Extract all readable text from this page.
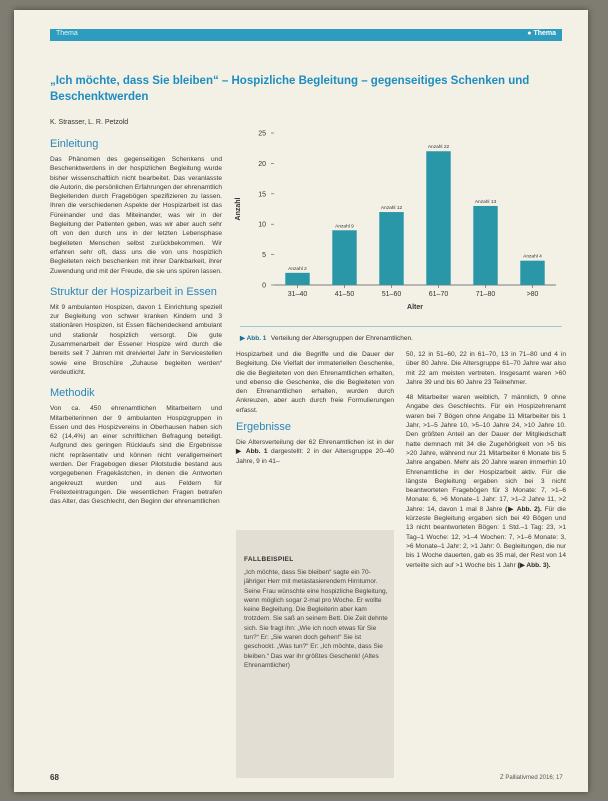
Thema	● Thema
„Ich möchte, dass Sie bleiben“ – Hospizliche Begleitung – gegenseitiges Schenken und Beschenktwerden
K. Strasser, L. R. Petzold
Einleitung

Das Phänomen des gegenseitigen Schenkens und Beschenktwerdens in der hospizlichen Begleitung wurde bisher wissenschaftlich nicht bearbeitet. Das veranlasste die Autorin, die persönlichen Erfahrungen der ehrenamtlich Begleitenden durch Fragebögen spezifizieren zu lassen. Ihren die verschiedenen Aspekte der Hospizarbeit ist das Füreinander und das Miteinander, was wir in der Begleitung der Patienten geben, was wir aber auch sehr oft von den durch uns in der letzten Lebensphase begleiteten Menschen selbst zurückbekommen. Wir erfahren sehr oft, dass uns die von uns hospizlich Begleiteten reich beschenken mit ihrer Dankbarkeit, ihrer Zuwendung und mit der Freude, die sie uns spüren lassen.

Struktur der Hospizarbeit in Essen

Mit 9 ambulanten Hospizen, davon 1 Einrichtung speziell zur Begleitung von schwer kranken Kindern und 3 stationären Hospizen, ist Essen flächendeckend ambulant und stationär hospizlich versorgt. Die gute Zusammenarbeit der Essener Hospize wird durch die bereits seit 7 Jahren mit dreiviertel Jahr in Servicestellen sowie eine Broschüre „Zuhause begleiten werden“ verdeutlicht.

Methodik

Von ca. 450 ehrenamtlichen Mitarbeitern und Mitarbeiterinnen der 9 ambulanten Hospizgruppen in Essen und des Hospizvereins in Oberhausen haben sich 62 (14,4%) an einer schriftlichen Befragung beteiligt. Aufgrund des geringen Rücklaufs sind die Ergebnisse nicht repräsentativ und können nicht verallgemeinert werden. Der Fragebogen dieser Pilotstudie bestand aus vorgegebenen Fragekästchen, in denen die Antworten angekreuzt wurden und aus Feldern für Freitexteintragungen. Die wesentlichen Fragen betrafen das Alter, das Geschlecht, den Beginn der ehrenamtlichen

0
5
10
15
20
25
Anzahl
Anzahl 2
31–40
Anzahl 9
41–50
Anzahl 12
51–60
Anzahl 22
61–70
Anzahl 13
71–80
Anzahl 4
>80
Alter
▶ Abb. 1 Verteilung der Altersgruppen der Ehrenamtlichen.

Hospizarbeit und die Begriffe und die Dauer der Begleitung. Die Vielfalt der immateriellen Geschenke, die die Begleiteten von den Ehrenamtlichen erhalten, und ebenso die Geschenke, die die Begleiteten von den Ehrenamtlichen erhalten, wurden durch Ankreuzen, aber auch durch freie Formulierungen erfasst.

Ergebnisse

Die Altersverteilung der 62 Ehrenamtlichen ist in der ▶ Abb. 1 dargestellt: 2 in der Altersgruppe 20–40 Jahre, 9 in 41–

FALLBEISPIEL
„Ich möchte, dass Sie bleiben“ sagte ein 70-jähriger Herr mit metastasierendem Hirntumor. Seine Frau wünschte eine hospizliche Begleitung, wenn möglich sogar 2-mal pro Woche. Er wollte keine Begleitung. Die Begleiterin aber kam trotzdem. Sie saß an seinem Bett. Die Zeit dehnte sich. Sie fragt ihn: „Wie ich noch etwas für Sie tun?“ Er: „Sie waren doch gehen!“ Sie ist geschockt. „Was tun?“ Er: „Ich möchte, dass Sie bleiben.“ Das war ihr größtes Geschenk! (Altes Ehrenamtlicher)

50, 12 in 51–60, 22 in 61–70, 13 in 71–80 und 4 in über 80 Jahre. Die Altersgruppe 61–70 Jahre war also mit 22 am meisten vertreten. Insgesamt waren >60 Jahre 39 und bis 60 Jahre 23 Teilnehmer.

48 Mitarbeiter waren weiblich, 7 männlich, 9 ohne Angabe des Geschlechts. Für ein Hospizehrenamt waren bei 7 Bögen ohne Angabe 11 Mitarbeiter bis 1 Jahr, >1–5 Jahre 10, >5–10 Jahre 24, >10 Jahre 10. Den größten Anteil an der Dauer der Mitgliedschaft hatte demnach mit 34 die Zugehörigkeit von >5 bis >20 Jahre, während nur 21 Mitarbeiter 6 Monate bis 5 Jahre angaben. Mehr als 20 Jahre waren immerhin 10 Ehrenamtliche in der Hospizarbeit aktiv. Für die längste Begleitung ergaben sich bei 3 nicht beantworteten Fragebögen für 3 Monate: 7, >1–6 Monate: 6, >6 Monate–1 Jahr: 17, >1–2 Jahre 11, >2 Jahre: 14, davon 1 mal 8 Jahre (▶ Abb. 2). Für die kürzeste Begleitung ergaben sich bei 49 Bögen und 13 nicht beantworteten Bögen: 1 Std.–1 Tag: 23, >1 Tag–1 Woche: 12, >1–4 Wochen: 7, >1–6 Monate: 3, >6 Monate–1 Jahr: 2, >1 Jahr: 0. Begleitungen, die nur bis 1 Woche dauerten, gab es 35 mal, der Rest von 14 verteilte sich auf >1 Woche bis 1 Jahr (▶ Abb. 3).

68	Z Palliativmed 2016; 17
